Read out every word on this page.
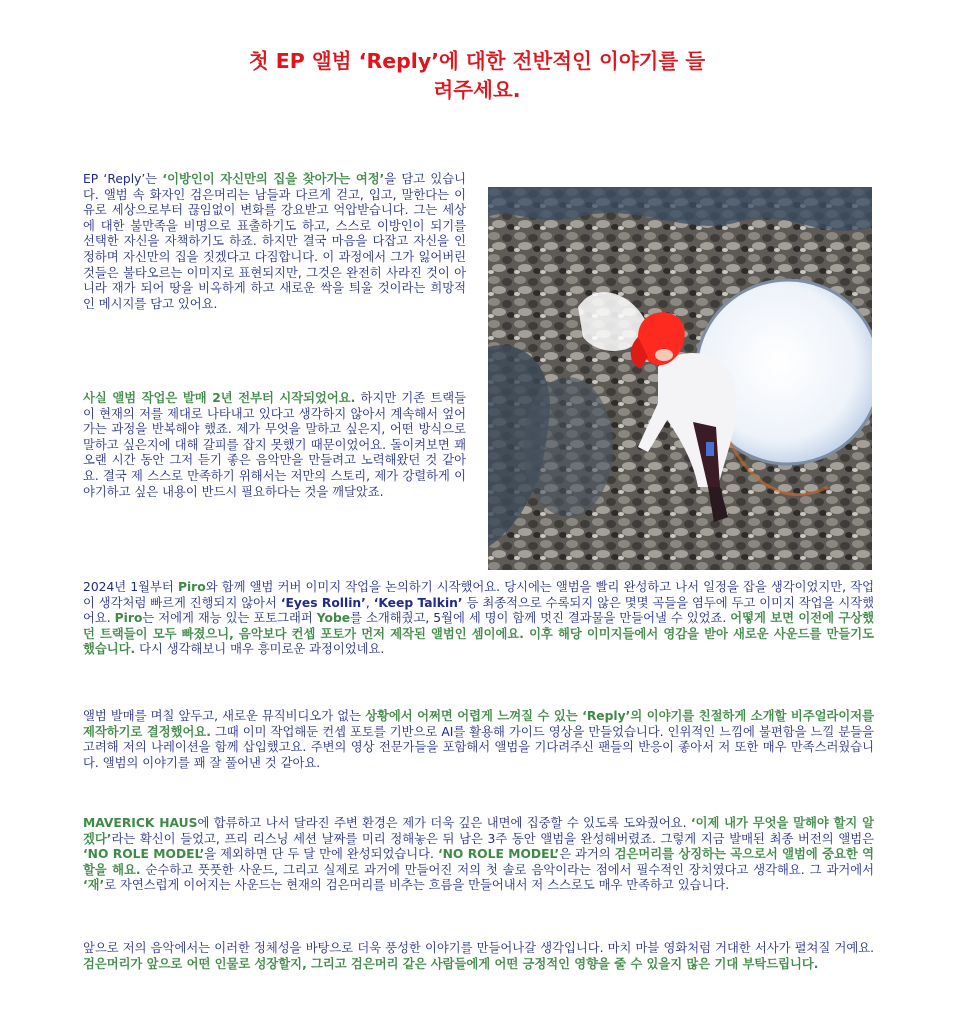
첫 EP 앨범 ‘Reply’에 대한 전반적인 이야기를 들
려주세요.

EP ‘Reply’는 ‘이방인이 자신만의 집을 찾아가는 여정’을 담고 있습니다. 앨범 속 화자인 검은머리는 남들과 다르게 걷고, 입고, 말한다는 이유로 세상으로부터 끊임없이 변화를 강요받고 억압받습니다. 그는 세상에 대한 불만족을 비명으로 표출하기도 하고, 스스로 이방인이 되기를 선택한 자신을 자책하기도 하죠. 하지만 결국 마음을 다잡고 자신을 인정하며 자신만의 집을 짓겠다고 다짐합니다. 이 과정에서 그가 잃어버린 것들은 불타오르는 이미지로 표현되지만, 그것은 완전히 사라진 것이 아니라 재가 되어 땅을 비옥하게 하고 새로운 싹을 틔울 것이라는 희망적인 메시지를 담고 있어요.

사실 앨범 작업은 발매 2년 전부터 시작되었어요. 하지만 기존 트랙들이 현재의 저를 제대로 나타내고 있다고 생각하지 않아서 계속해서 엎어가는 과정을 반복해야 했죠. 제가 무엇을 말하고 싶은지, 어떤 방식으로 말하고 싶은지에 대해 갈피를 잡지 못했기 때문이었어요. 돌이켜보면 꽤 오랜 시간 동안 그저 듣기 좋은 음악만을 만들려고 노력해왔던 것 같아요. 결국 제 스스로 만족하기 위해서는 저만의 스토리, 제가 강렬하게 이야기하고 싶은 내용이 반드시 필요하다는 것을 깨달았죠.

2024년 1월부터 Piro와 함께 앨범 커버 이미지 작업을 논의하기 시작했어요. 당시에는 앨범을 빨리 완성하고 나서 일정을 잡을 생각이었지만, 작업이 생각처럼 빠르게 진행되지 않아서 ‘Eyes Rollin’, ‘Keep Talkin’ 등 최종적으로 수록되지 않은 몇몇 곡들을 염두에 두고 이미지 작업을 시작했어요. Piro는 저에게 재능 있는 포토그래퍼 Yobe를 소개해줬고, 5월에 세 명이 함께 멋진 결과물을 만들어낼 수 있었죠. 어떻게 보면 이전에 구상했던 트랙들이 모두 빠졌으니, 음악보다 컨셉 포토가 먼저 제작된 앨범인 셈이에요. 이후 해당 이미지들에서 영감을 받아 새로운 사운드를 만들기도 했습니다. 다시 생각해보니 매우 흥미로운 과정이었네요.

앨범 발매를 며칠 앞두고, 새로운 뮤직비디오가 없는 상황에서 어쩌면 어렵게 느껴질 수 있는 ‘Reply’의 이야기를 친절하게 소개할 비주얼라이저를 제작하기로 결정했어요. 그때 이미 작업해둔 컨셉 포토를 기반으로 AI를 활용해 가이드 영상을 만들었습니다. 인위적인 느낌에 불편함을 느낄 분들을 고려해 저의 나레이션을 함께 삽입했고요. 주변의 영상 전문가들을 포함해서 앨범을 기다려주신 팬들의 반응이 좋아서 저 또한 매우 만족스러웠습니다. 앨범의 이야기를 꽤 잘 풀어낸 것 같아요.

MAVERICK HAUS에 합류하고 나서 달라진 주변 환경은 제가 더욱 깊은 내면에 집중할 수 있도록 도와줬어요. ‘이제 내가 무엇을 말해야 할지 알겠다’라는 확신이 들었고, 프리 리스닝 세션 날짜를 미리 정해놓은 뒤 남은 3주 동안 앨범을 완성해버렸죠. 그렇게 지금 발매된 최종 버전의 앨범은 ‘NO ROLE MODEL’을 제외하면 단 두 달 만에 완성되었습니다. ‘NO ROLE MODEL’은 과거의 검은머리를 상징하는 곡으로서 앨범에 중요한 역할을 해요. 순수하고 풋풋한 사운드, 그리고 실제로 과거에 만들어진 저의 첫 솔로 음악이라는 점에서 필수적인 장치였다고 생각해요. 그 과거에서 ‘재’로 자연스럽게 이어지는 사운드는 현재의 검은머리를 비추는 흐름을 만들어내서 저 스스로도 매우 만족하고 있습니다.

앞으로 저의 음악에서는 이러한 정체성을 바탕으로 더욱 풍성한 이야기를 만들어나갈 생각입니다. 마치 마블 영화처럼 거대한 서사가 펼쳐질 거예요. 검은머리가 앞으로 어떤 인물로 성장할지, 그리고 검은머리 같은 사람들에게 어떤 긍정적인 영향을 줄 수 있을지 많은 기대 부탁드립니다.
